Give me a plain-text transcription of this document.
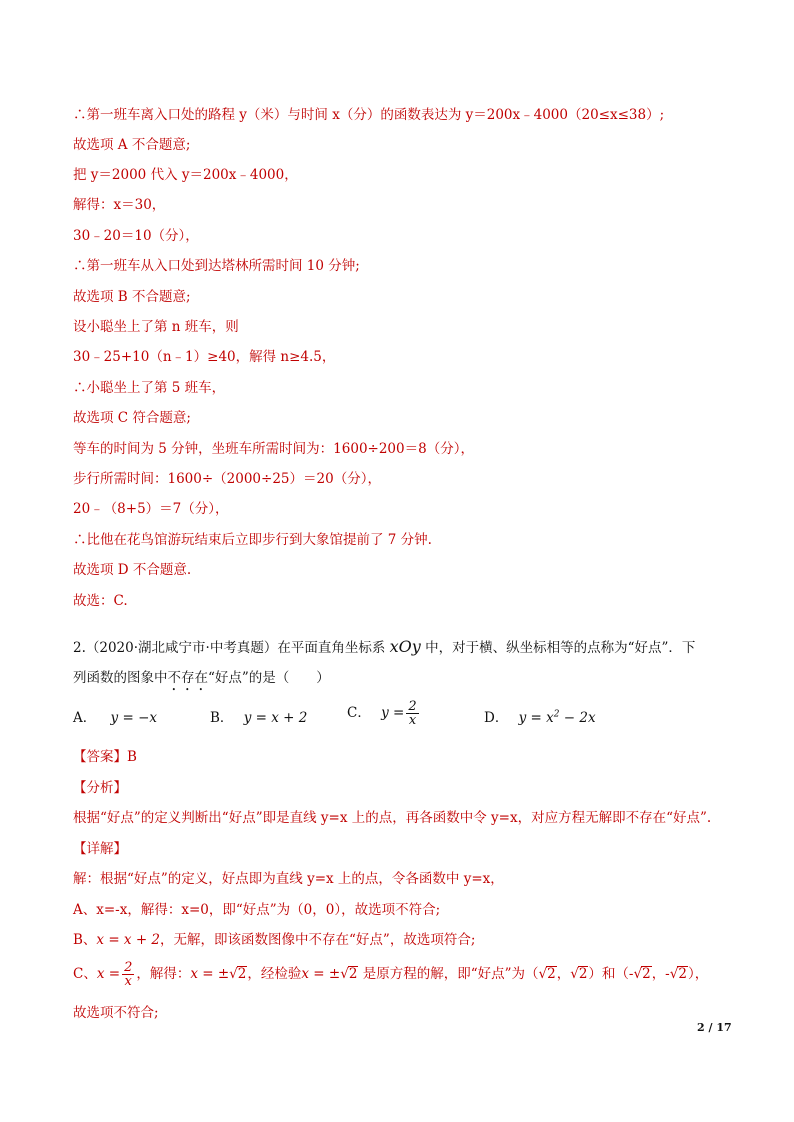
∴第一班车离入口处的路程 y（米）与时间 x（分）的函数表达为 y＝200x﹣4000（20≤x≤38）;
故选项 A 不合题意;
把 y＝2000 代入 y＝200x﹣4000，
解得：x＝30，
30﹣20＝10（分），
∴第一班车从入口处到达塔林所需时间 10 分钟;
故选项 B 不合题意;
设小聪坐上了第 n 班车，则
30﹣25+10（n﹣1）≥40，解得 n≥4.5，
∴小聪坐上了第 5 班车，
故选项 C 符合题意;
等车的时间为 5 分钟，坐班车所需时间为：1600÷200＝8（分），
步行所需时间：1600÷（2000÷25）＝20（分），
20﹣（8+5）＝7（分），
∴比他在花鸟馆游玩结束后立即步行到大象馆提前了 7 分钟.
故选项 D 不合题意.
故选：C.
2.（2020·湖北咸宁市·中考真题）在平面直角坐标系 xOy 中，对于横、纵坐标相等的点称为“好点”．下
列函数的图象中不存在“好点”的是（　　）
A． y = −x	B． y = x + 2	C． $y = \frac{2}{x}$	D． $y = x^2 - 2x$
【答案】B
【分析】
根据“好点”的定义判断出“好点”即是直线 y=x 上的点，再各函数中令 y=x，对应方程无解即不存在“好点”.
【详解】
解：根据“好点”的定义，好点即为直线 y=x 上的点，令各函数中 y=x，
A、x=-x，解得：x=0，即“好点”为（0，0），故选项不符合;
B、x = x + 2，无解，即该函数图像中不存在“好点”，故选项符合;
C、$x = \frac{2}{x}$ ，解得：x = ±√2，经检验x = ±√2 是原方程的解，即“好点”为（√2，√2）和（-√2，-√2），
故选项不符合;
2 / 17
